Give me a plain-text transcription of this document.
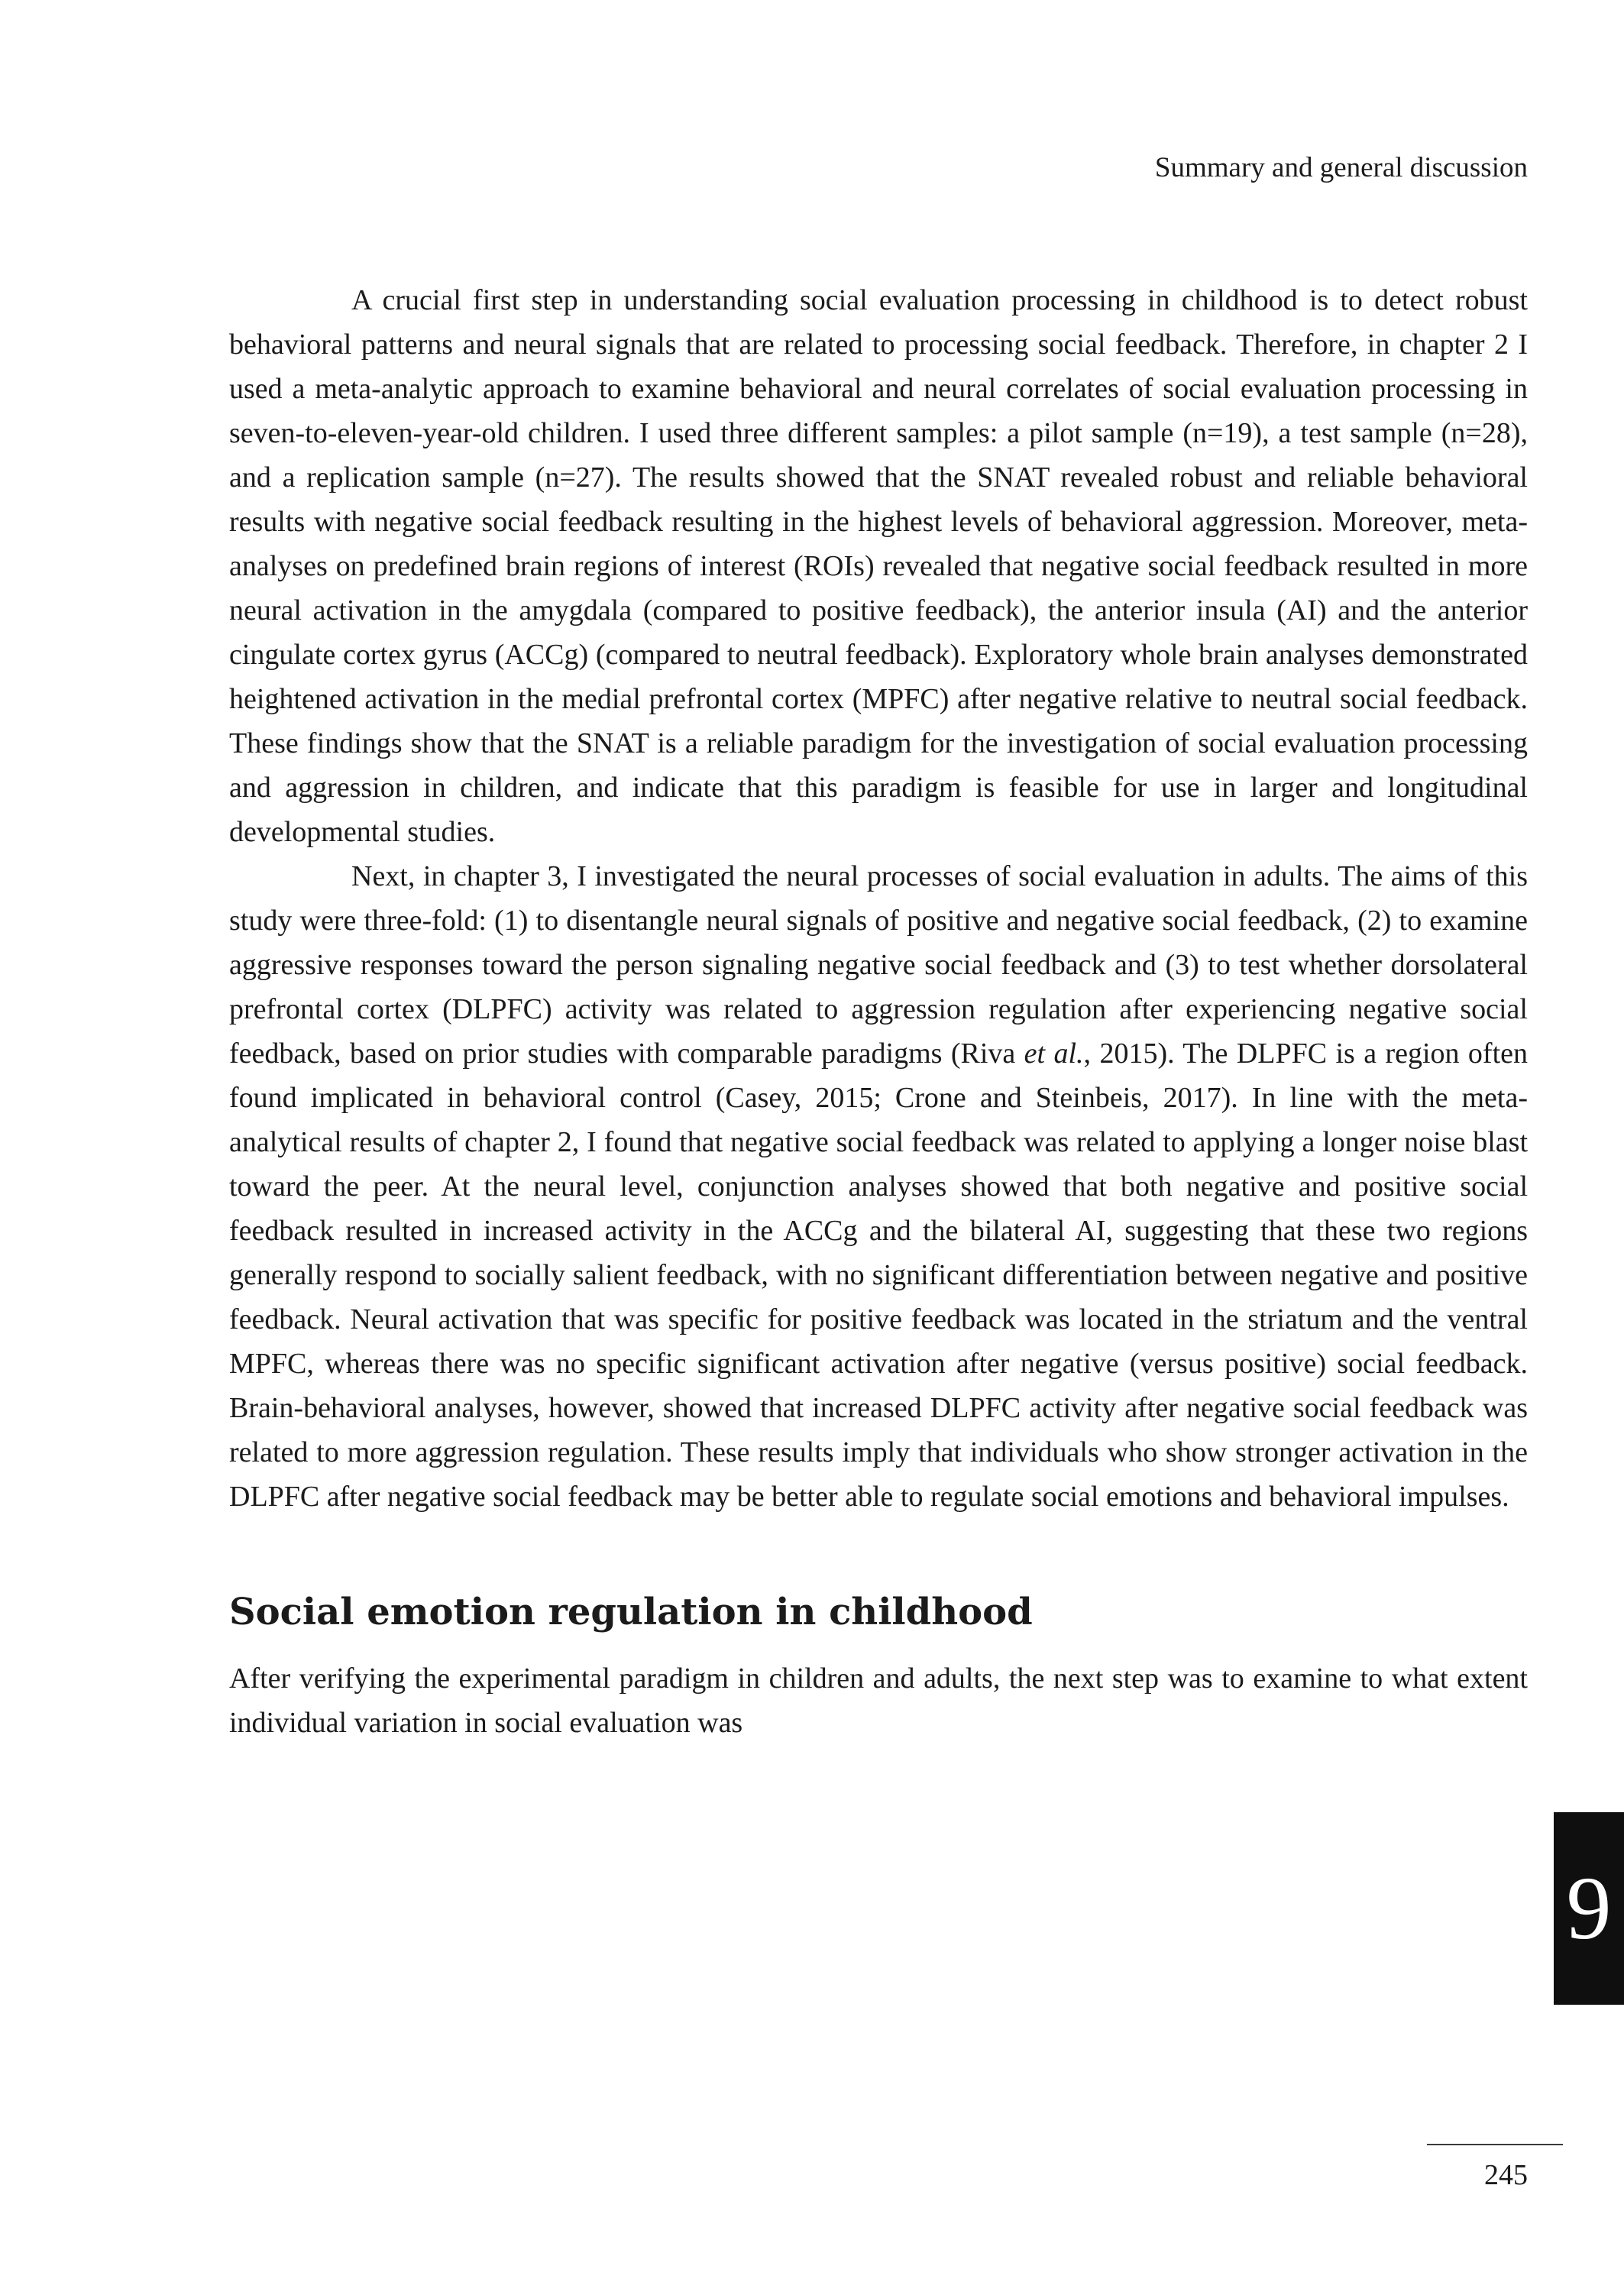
Summary and general discussion

A crucial first step in understanding social evaluation processing in childhood is to detect robust behavioral patterns and neural signals that are related to processing social feedback. Therefore, in chapter 2 I used a meta-analytic approach to examine behavioral and neural correlates of social evaluation processing in seven-to-eleven-year-old children. I used three different samples: a pilot sample (n=19), a test sample (n=28), and a replication sample (n=27). The results showed that the SNAT revealed robust and reliable behavioral results with negative social feedback resulting in the highest levels of behavioral aggression. Moreover, meta-analyses on predefined brain regions of interest (ROIs) revealed that negative social feedback resulted in more neural activation in the amygdala (compared to positive feedback), the anterior insula (AI) and the anterior cingulate cortex gyrus (ACCg) (compared to neutral feedback). Exploratory whole brain analyses demonstrated heightened activation in the medial prefrontal cortex (MPFC) after negative relative to neutral social feedback. These findings show that the SNAT is a reliable paradigm for the investigation of social evaluation processing and aggression in children, and indicate that this paradigm is feasible for use in larger and longitudinal developmental studies.

Next, in chapter 3, I investigated the neural processes of social evaluation in adults. The aims of this study were three-fold: (1) to disentangle neural signals of positive and negative social feedback, (2) to examine aggressive responses toward the person signaling negative social feedback and (3) to test whether dorsolateral prefrontal cortex (DLPFC) activity was related to aggression regulation after experiencing negative social feedback, based on prior studies with comparable paradigms (Riva et al., 2015). The DLPFC is a region often found implicated in behavioral control (Casey, 2015; Crone and Steinbeis, 2017). In line with the meta-analytical results of chapter 2, I found that negative social feedback was related to applying a longer noise blast toward the peer. At the neural level, conjunction analyses showed that both negative and positive social feedback resulted in increased activity in the ACCg and the bilateral AI, suggesting that these two regions generally respond to socially salient feedback, with no significant differentiation between negative and positive feedback. Neural activation that was specific for positive feedback was located in the striatum and the ventral MPFC, whereas there was no specific significant activation after negative (versus positive) social feedback. Brain-behavioral analyses, however, showed that increased DLPFC activity after negative social feedback was related to more aggression regulation. These results imply that individuals who show stronger activation in the DLPFC after negative social feedback may be better able to regulate social emotions and behavioral impulses.

Social emotion regulation in childhood

After verifying the experimental paradigm in children and adults, the next step was to examine to what extent individual variation in social evaluation was

9
245
